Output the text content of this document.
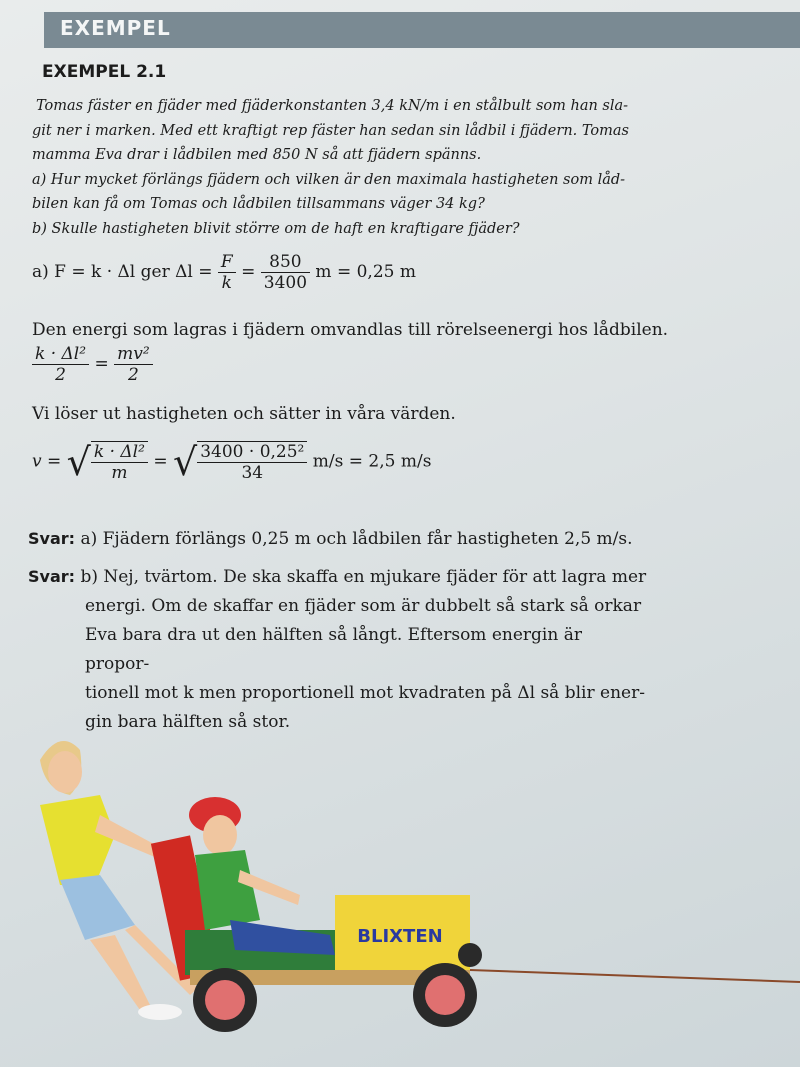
EXEMPEL
EXEMPEL 2.1

Tomas fäster en fjäder med fjäderkonstanten 3,4 kN/m i en stålbult som han sla-

git ner i marken. Med ett kraftigt rep fäster han sedan sin lådbil i fjädern. Tomas

mamma Eva drar i lådbilen med 850 N så att fjädern spänns.

a) Hur mycket förlängs fjädern och vilken är den maximala hastigheten som låd-

bilen kan få om Tomas och lådbilen tillsammans väger 34 kg?

b) Skulle hastigheten blivit större om de haft en kraftigare fjäder?

a) F = k · Δl ger $\Delta l = \frac{F}{k} = \frac{850}{3400}$ m = 0,25 m
Den energi som lagras i fjädern omvandlas till rörelseenergi hos lådbilen.
$\frac{\text{k · Δl²}}{2} = \frac{\text{mv²}}{2}$
Vi löser ut hastigheten och sätter in våra värden.
v = √ $\frac{\text{k · Δl²}}{m}$ = √ $\frac{\text{3400 · 0,25²}}{34} m/s = 2,5$ m/s
Svar: a) Fjädern förlängs 0,25 m och lådbilen får hastigheten 2,5 m/s.
Svar: b) Nej, tvärtom. De ska skaffa en mjukare fjäder för att lagra mer
energi. Om de skaffar en fjäder som är dubbelt så stark så orkar
Eva bara dra ut den hälften så långt. Eftersom energin är propor-
tionell mot k men proportionell mot kvadraten på Δl så blir ener-
gin bara hälften så stor.
BLIXTEN
